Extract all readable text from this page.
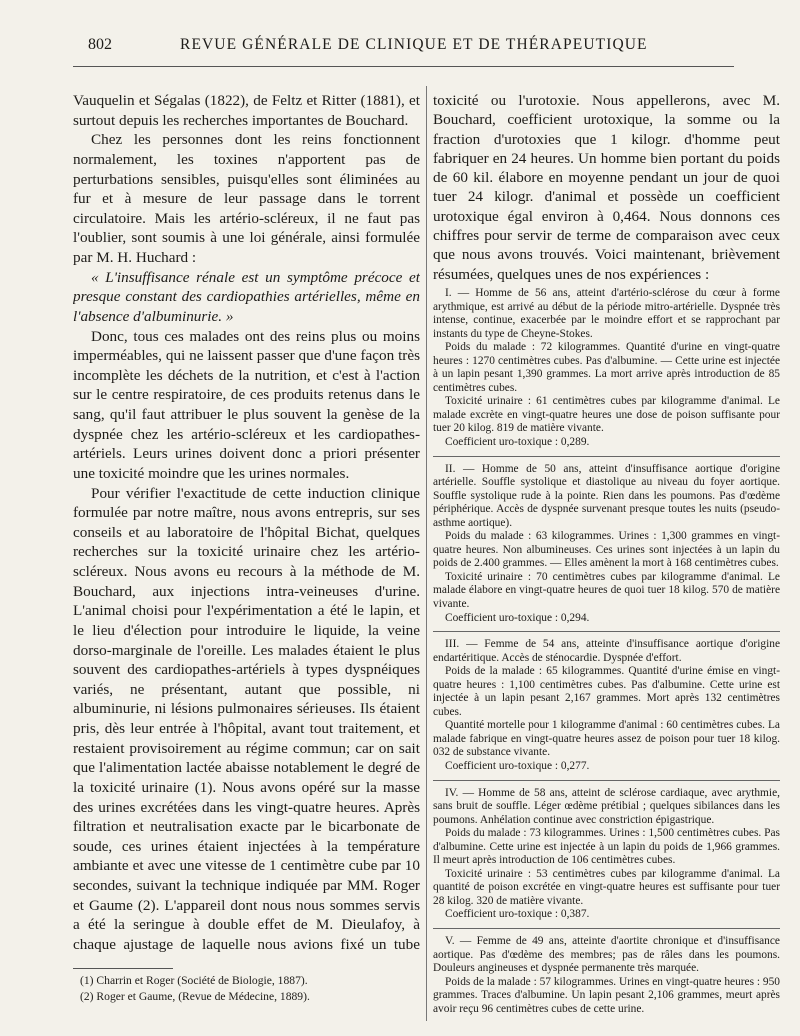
802	REVUE GÉNÉRALE DE CLINIQUE ET DE THÉRAPEUTIQUE

Vauquelin et Ségalas (1822), de Feltz et Ritter (1881), et surtout depuis les recherches importantes de Bouchard.

Chez les personnes dont les reins fonctionnent normalement, les toxines n'apportent pas de perturbations sensibles, puisqu'elles sont éliminées au fur et à mesure de leur passage dans le torrent circulatoire. Mais les artério-scléreux, il ne faut pas l'oublier, sont soumis à une loi générale, ainsi formulée par M. H. Huchard :

« L'insuffisance rénale est un symptôme précoce et presque constant des cardiopathies artérielles, même en l'absence d'albuminurie. »

Donc, tous ces malades ont des reins plus ou moins imperméables, qui ne laissent passer que d'une façon très incomplète les déchets de la nutrition, et c'est à l'action sur le centre respiratoire, de ces produits retenus dans le sang, qu'il faut attribuer le plus souvent la genèse de la dyspnée chez les artério-scléreux et les cardiopathes-artériels. Leurs urines doivent donc a priori présenter une toxicité moindre que les urines normales.

Pour vérifier l'exactitude de cette induction clinique formulée par notre maître, nous avons entrepris, sur ses conseils et au laboratoire de l'hôpital Bichat, quelques recherches sur la toxicité urinaire chez les artério-scléreux. Nous avons eu recours à la méthode de M. Bouchard, aux injections intra-veineuses d'urine. L'animal choisi pour l'expérimentation a été le lapin, et le lieu d'élection pour introduire le liquide, la veine dorso-marginale de l'oreille. Les malades étaient le plus souvent des cardiopathes-artériels à types dyspnéiques variés, ne présentant, autant que possible, ni albuminurie, ni lésions pulmonaires sérieuses. Ils étaient pris, dès leur entrée à l'hôpital, avant tout traitement, et restaient provisoirement au régime commun; car on sait que l'alimentation lactée abaisse notablement le degré de la toxicité urinaire (1). Nous avons opéré sur la masse des urines excrétées dans les vingt-quatre heures. Après filtration et neutralisation exacte par le bicarbonate de soude, ces urines étaient injectées à la température ambiante et avec une vitesse de 1 centimètre cube par 10 secondes, suivant la technique indiquée par MM. Roger et Gaume (2). L'appareil dont nous nous sommes servis a été la seringue à double effet de M. Dieulafoy, à chaque ajustage de laquelle nous avions fixé un tube

toxicité ou l'urotoxie. Nous appellerons, avec M. Bouchard, coefficient urotoxique, la somme ou la fraction d'urotoxies que 1 kilogr. d'homme peut fabriquer en 24 heures. Un homme bien portant du poids de 60 kil. élabore en moyenne pendant un jour de quoi tuer 24 kilogr. d'animal et possède un coefficient urotoxique égal environ à 0,464. Nous donnons ces chiffres pour servir de terme de comparaison avec ceux que nous avons trouvés. Voici maintenant, brièvement résumées, quelques unes de nos expériences :

I. — Homme de 56 ans, atteint d'artério-sclérose du cœur à forme arythmique, est arrivé au début de la période mitro-artérielle. Dyspnée très intense, continue, exacerbée par le moindre effort et se rapprochant par instants du type de Cheyne-Stokes.

Poids du malade : 72 kilogrammes. Quantité d'urine en vingt-quatre heures : 1270 centimètres cubes. Pas d'albumine. — Cette urine est injectée à un lapin pesant 1,390 grammes. La mort arrive après introduction de 85 centimètres cubes.

Toxicité urinaire : 61 centimètres cubes par kilogramme d'animal. Le malade excrète en vingt-quatre heures une dose de poison suffisante pour tuer 20 kilog. 819 de matière vivante.

Coefficient uro-toxique : 0,289.

II. — Homme de 50 ans, atteint d'insuffisance aortique d'origine artérielle. Souffle systolique et diastolique au niveau du foyer aortique. Souffle systolique rude à la pointe. Rien dans les poumons. Pas d'œdème périphérique. Accès de dyspnée survenant presque toutes les nuits (pseudo-asthme aortique).

Poids du malade : 63 kilogrammes. Urines : 1,300 grammes en vingt-quatre heures. Non albumineuses. Ces urines sont injectées à un lapin du poids de 2.400 grammes. — Elles amènent la mort à 168 centimètres cubes.

Toxicité urinaire : 70 centimètres cubes par kilogramme d'animal. Le malade élabore en vingt-quatre heures de quoi tuer 18 kilog. 570 de matière vivante.

Coefficient uro-toxique : 0,294.

III. — Femme de 54 ans, atteinte d'insuffisance aortique d'origine endartéritique. Accès de sténocardie. Dyspnée d'effort.

Poids de la malade : 65 kilogrammes. Quantité d'urine émise en vingt-quatre heures : 1,100 centimètres cubes. Pas d'albumine. Cette urine est injectée à un lapin pesant 2,167 grammes. Mort après 132 centimètres cubes.

Quantité mortelle pour 1 kilogramme d'animal : 60 centimètres cubes. La malade fabrique en vingt-quatre heures assez de poison pour tuer 18 kilog. 032 de substance vivante.

Coefficient uro-toxique : 0,277.

IV. — Homme de 58 ans, atteint de sclérose cardiaque, avec arythmie, sans bruit de souffle. Léger œdème prétibial ; quelques sibilances dans les poumons. Anhélation continue avec constriction épigastrique.

Poids du malade : 73 kilogrammes. Urines : 1,500 centimètres cubes. Pas d'albumine. Cette urine est injectée à un lapin du poids de 1,966 grammes. Il meurt après introduction de 106 centimètres cubes.

Toxicité urinaire : 53 centimètres cubes par kilogramme d'animal. La quantité de poison excrétée en vingt-quatre heures est suffisante pour tuer 28 kilog. 320 de matière vivante.

Coefficient uro-toxique : 0,387.

V. — Femme de 49 ans, atteinte d'aortite chronique et d'insuffisance aortique. Pas d'œdème des membres; pas de râles dans les poumons. Douleurs angineuses et dyspnée permanente très marquée.

Poids de la malade : 57 kilogrammes. Urines en vingt-quatre heures : 950 grammes. Traces d'albumine. Un lapin pesant 2,106 grammes, meurt après avoir reçu 96 centimètres cubes de cette urine.

(1) Charrin et Roger (Société de Biologie, 1887).
(2) Roger et Gaume, (Revue de Médecine, 1889).
